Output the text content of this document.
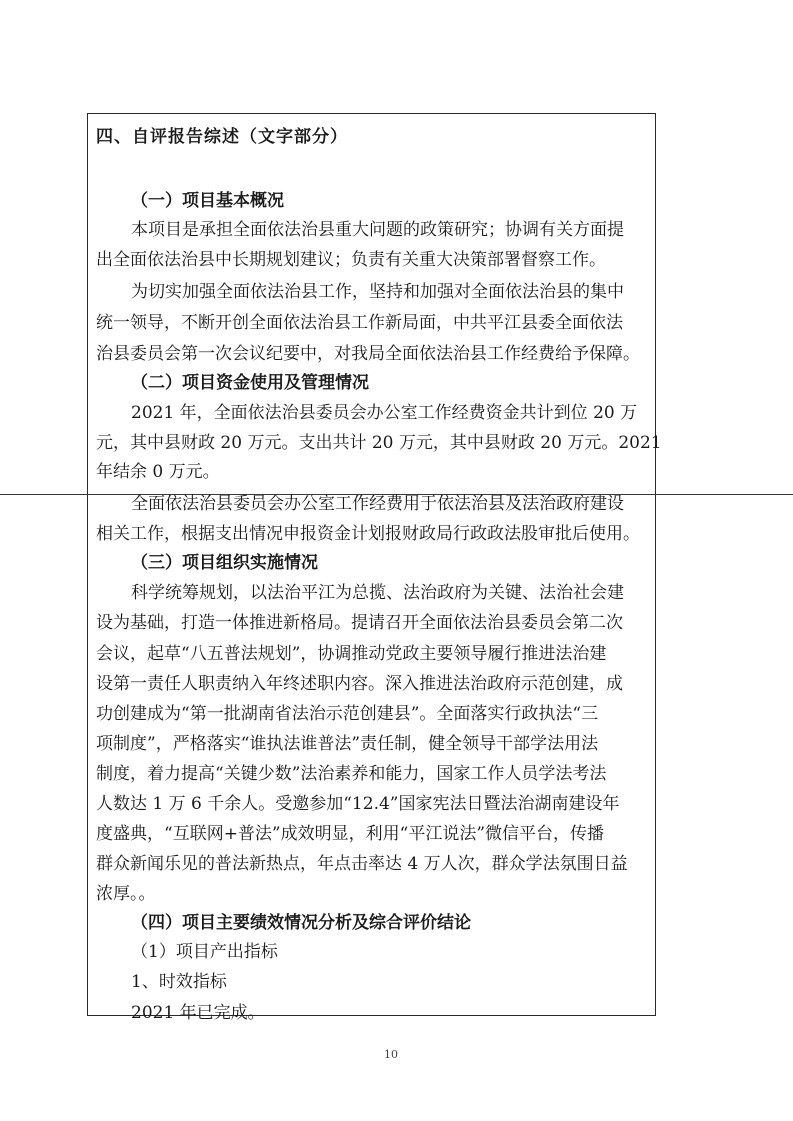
四、自评报告综述（文字部分）
（一）项目基本概况
本项目是承担全面依法治县重大问题的政策研究；协调有关方面提
出全面依法治县中长期规划建议；负责有关重大决策部署督察工作。
为切实加强全面依法治县工作，坚持和加强对全面依法治县的集中
统一领导，不断开创全面依法治县工作新局面，中共平江县委全面依法
治县委员会第一次会议纪要中，对我局全面依法治县工作经费给予保障。
（二）项目资金使用及管理情况
2021 年，全面依法治县委员会办公室工作经费资金共计到位 20 万
元，其中县财政 20 万元。支出共计 20 万元，其中县财政 20 万元。2021
年结余 0 万元。
全面依法治县委员会办公室工作经费用于依法治县及法治政府建设
相关工作，根据支出情况申报资金计划报财政局行政政法股审批后使用。
（三）项目组织实施情况
科学统筹规划，以法治平江为总揽、法治政府为关键、法治社会建
设为基础，打造一体推进新格局。提请召开全面依法治县委员会第二次
会议，起草“八五普法规划”，协调推动党政主要领导履行推进法治建
设第一责任人职责纳入年终述职内容。深入推进法治政府示范创建，成
功创建成为“第一批湖南省法治示范创建县”。全面落实行政执法“三
项制度”，严格落实“谁执法谁普法”责任制，健全领导干部学法用法
制度，着力提高“关键少数”法治素养和能力，国家工作人员学法考法
人数达 1 万 6 千余人。受邀参加“12.4”国家宪法日暨法治湖南建设年
度盛典，“互联网+普法”成效明显，利用“平江说法”微信平台，传播
群众新闻乐见的普法新热点，年点击率达 4 万人次，群众学法氛围日益
浓厚。。
（四）项目主要绩效情况分析及综合评价结论
（1）项目产出指标
1、时效指标
2021 年已完成。
10
